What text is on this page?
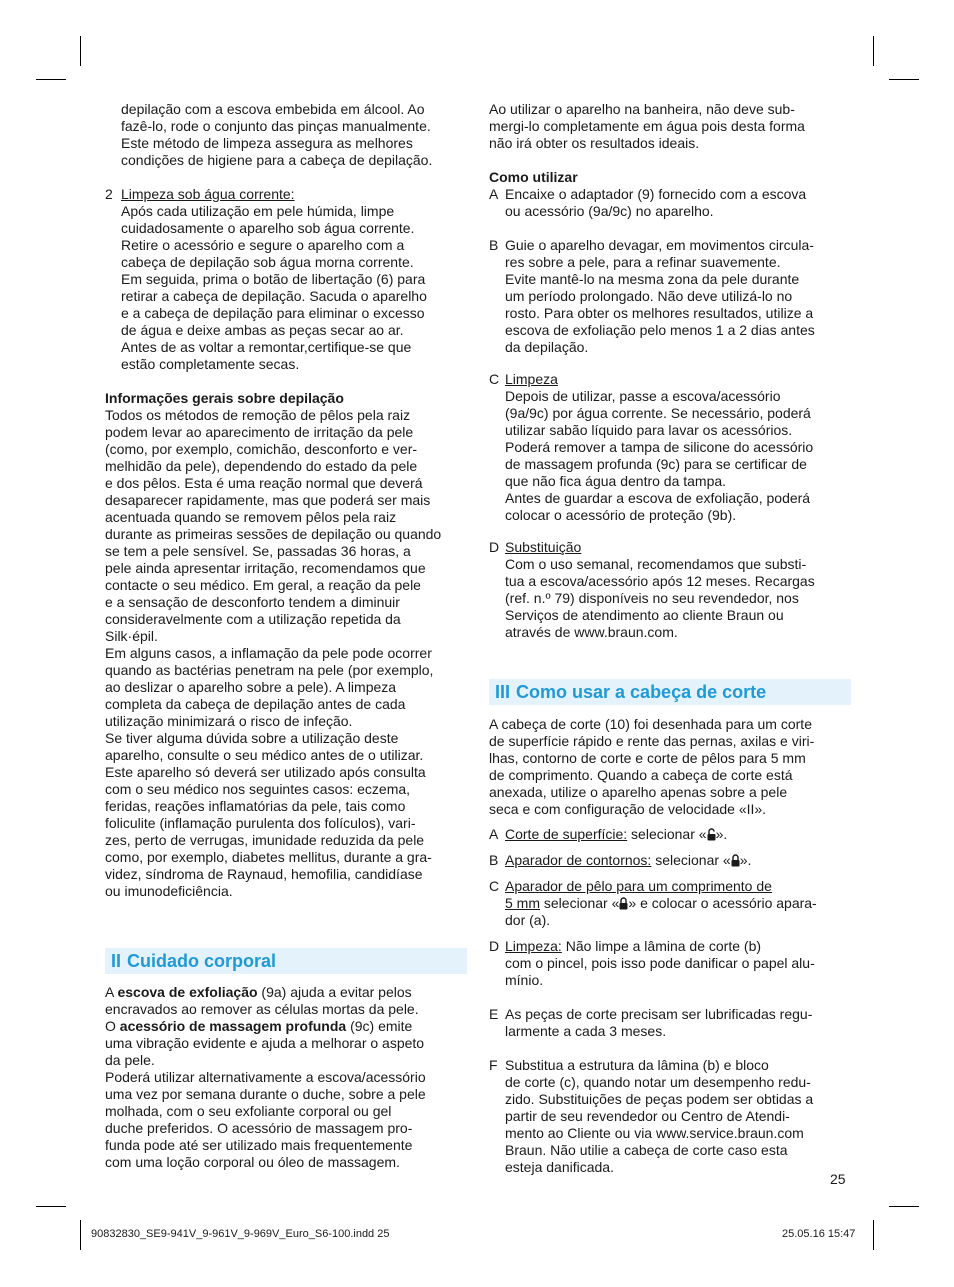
depilação com a escova embebida em álcool. Ao
fazê-lo, rode o conjunto das pinças manualmente.
Este método de limpeza assegura as melhores
condições de higiene para a cabeça de depilação.

2 Limpeza sob água corrente:
Após cada utilização em pele húmida, limpe
cuidadosamente o aparelho sob água corrente.
Retire o acessório e segure o aparelho com a
cabeça de depilação sob água morna corrente.
Em seguida, prima o botão de libertação (6) para
retirar a cabeça de depilação. Sacuda o aparelho
e a cabeça de depilação para eliminar o excesso
de água e deixe ambas as peças secar ao ar.
Antes de as voltar a remontar,certifique-se que
estão completamente secas.

Informações gerais sobre depilação

Todos os métodos de remoção de pêlos pela raiz
podem levar ao aparecimento de irritação da pele
(como, por exemplo, comichão, desconforto e ver-
melhidão da pele), dependendo do estado da pele
e dos pêlos. Esta é uma reação normal que deverá
desaparecer rapidamente, mas que poderá ser mais
acentuada quando se removem pêlos pela raiz
durante as primeiras sessões de depilação ou quando
se tem a pele sensível. Se, passadas 36 horas, a
pele ainda apresentar irritação, recomendamos que
contacte o seu médico. Em geral, a reação da pele
e a sensação de desconforto tendem a diminuir
consideravelmente com a utilização repetida da
Silk·épil.

Em alguns casos, a inflamação da pele pode ocorrer
quando as bactérias penetram na pele (por exemplo,
ao deslizar o aparelho sobre a pele). A limpeza
completa da cabeça de depilação antes de cada
utilização minimizará o risco de infeção.

Se tiver alguma dúvida sobre a utilização deste
aparelho, consulte o seu médico antes de o utilizar.
Este aparelho só deverá ser utilizado após consulta
com o seu médico nos seguintes casos: eczema,
feridas, reações inflamatórias da pele, tais como
foliculite (inflamação purulenta dos folículos), vari-
zes, perto de verrugas, imunidade reduzida da pele
como, por exemplo, diabetes mellitus, durante a gra-
videz, síndroma de Raynaud, hemofilia, candidíase
ou imunodeficiência.

II Cuidado corporal

A escova de exfoliação (9a) ajuda a evitar pelos
encravados ao remover as células mortas da pele.
O acessório de massagem profunda (9c) emite
uma vibração evidente e ajuda a melhorar o aspeto
da pele.

Poderá utilizar alternativamente a escova/acessório
uma vez por semana durante o duche, sobre a pele
molhada, com o seu exfoliante corporal ou gel
duche preferidos. O acessório de massagem pro-
funda pode até ser utilizado mais frequentemente
com uma loção corporal ou óleo de massagem.

Ao utilizar o aparelho na banheira, não deve sub-
mergi-lo completamente em água pois desta forma
não irá obter os resultados ideais.

Como utilizar

A Encaixe o adaptador (9) fornecido com a escova
ou acessório (9a/9c) no aparelho.
B Guie o aparelho devagar, em movimentos circula-
res sobre a pele, para a refinar suavemente.
Evite mantê-lo na mesma zona da pele durante
um período prolongado. Não deve utilizá-lo no
rosto. Para obter os melhores resultados, utilize a
escova de exfoliação pelo menos 1 a 2 dias antes
da depilação.
C Limpeza
Depois de utilizar, passe a escova/acessório
(9a/9c) por água corrente. Se necessário, poderá
utilizar sabão líquido para lavar os acessórios.
Poderá remover a tampa de silicone do acessório
de massagem profunda (9c) para se certificar de
que não fica água dentro da tampa.
Antes de guardar a escova de exfoliação, poderá
colocar o acessório de proteção (9b).
D Substituição
Com o uso semanal, recomendamos que substi-
tua a escova/acessório após 12 meses. Recargas
(ref. n.º 79) disponíveis no seu revendedor, nos
Serviços de atendimento ao cliente Braun ou
através de www.braun.com.
III Como usar a cabeça de corte

A cabeça de corte (10) foi desenhada para um corte
de superfície rápido e rente das pernas, axilas e viri-
lhas, contorno de corte e corte de pêlos para 5 mm
de comprimento. Quando a cabeça de corte está
anexada, utilize o aparelho apenas sobre a pele
seca e com configuração de velocidade «II».

A Corte de superfície: selecionar « ».
B Aparador de contornos: selecionar « ».
C Aparador de pêlo para um comprimento de
5 mm selecionar « » e colocar o acessório apara-
dor (a).
D Limpeza: Não limpe a lâmina de corte (b)
com o pincel, pois isso pode danificar o papel alu-
mínio.
E As peças de corte precisam ser lubrificadas regu-
larmente a cada 3 meses.
F Substitua a estrutura da lâmina (b) e bloco
de corte (c), quando notar um desempenho redu-
zido. Substituições de peças podem ser obtidas a
partir de seu revendedor ou Centro de Atendi-
mento ao Cliente ou via www.service.braun.com
Braun. Não utilie a cabeça de corte caso esta
esteja danificada.
25
90832830_SE9-941V_9-961V_9-969V_Euro_S6-100.indd 25	25.05.16 15:47
